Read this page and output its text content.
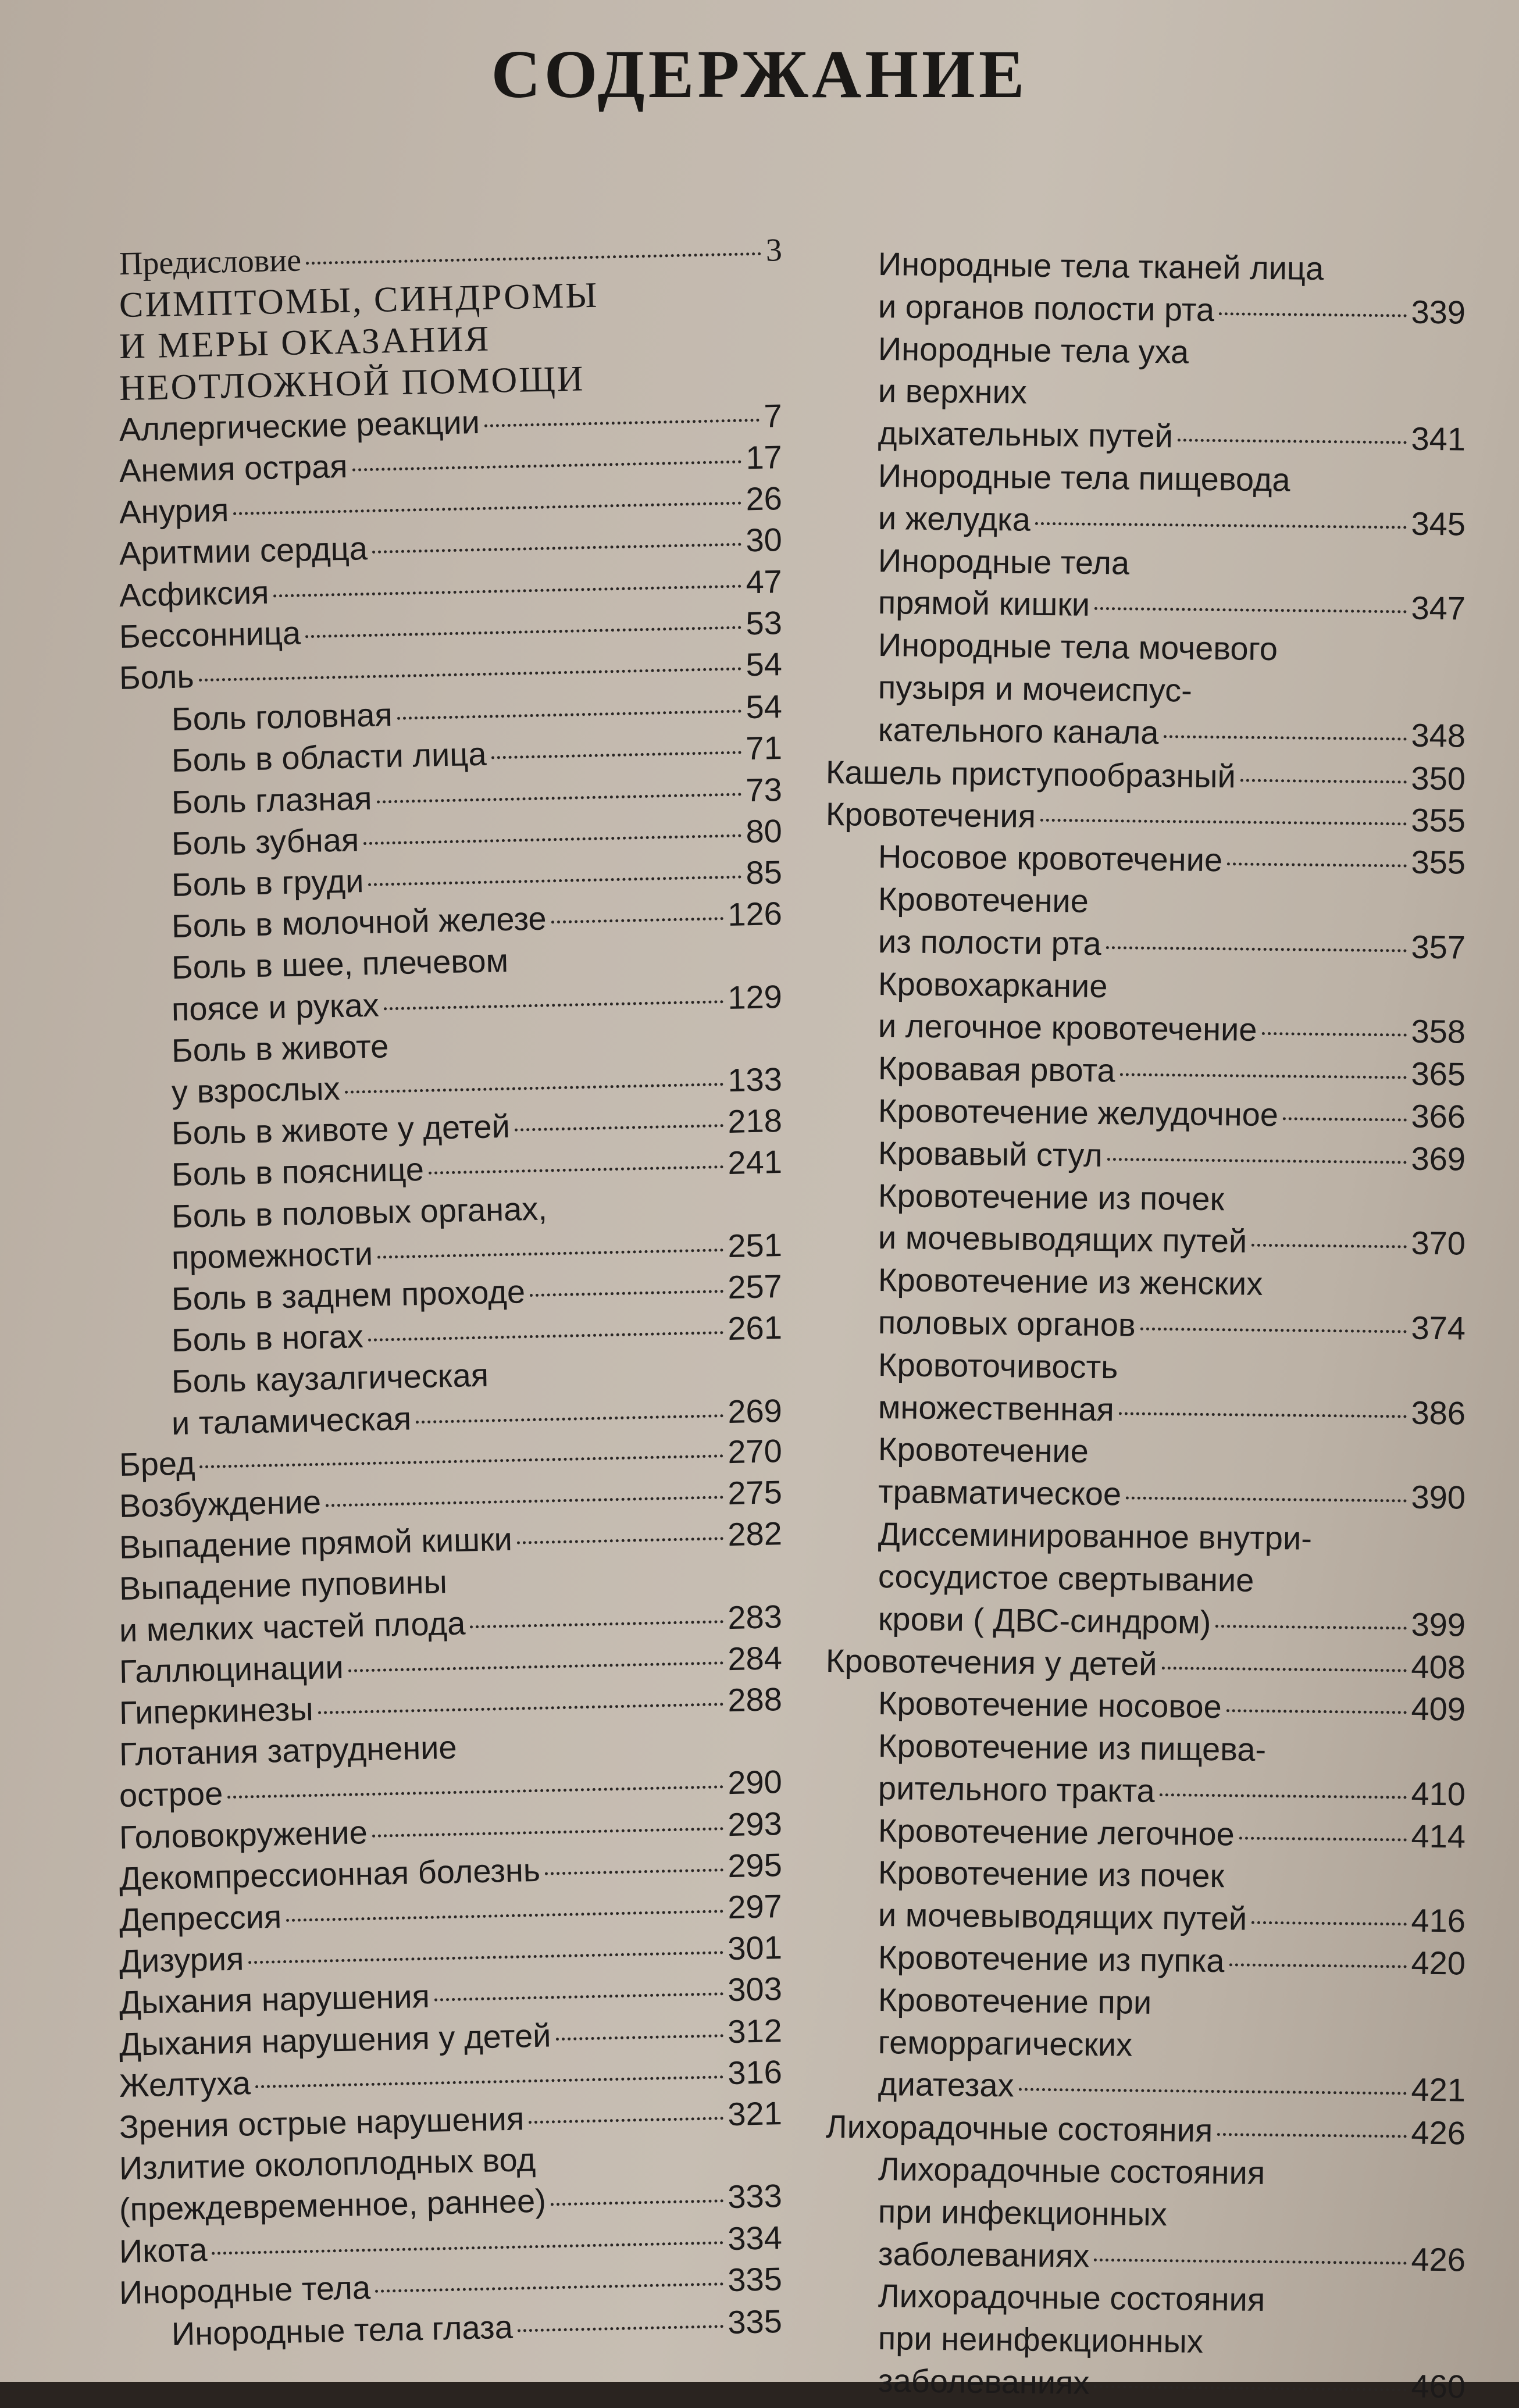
СОДЕРЖАНИЕ
Предисловие	3
СИМПТОМЫ, СИНДРОМЫ
И МЕРЫ ОКАЗАНИЯ
НЕОТЛОЖНОЙ ПОМОЩИ
Аллергические реакции	7
Анемия острая	17
Анурия	26
Аритмии сердца	30
Асфиксия	47
Бессонница	53
Боль	54
Боль головная	54
Боль в области лица	71
Боль глазная	73
Боль зубная	80
Боль в груди	85
Боль в молочной железе	126
Боль в шее, плечевом
поясе и руках	129
Боль в животе
у взрослых	133
Боль в животе у детей	218
Боль в пояснице	241
Боль в половых органах,
промежности	251
Боль в заднем проходе	257
Боль в ногах	261
Боль каузалгическая
и таламическая	269
Бред	270
Возбуждение	275
Выпадение прямой кишки	282
Выпадение пуповины
и мелких частей плода	283
Галлюцинации	284
Гиперкинезы	288
Глотания затруднение
острое	290
Головокружение	293
Декомпрессионная болезнь	295
Депрессия	297
Дизурия	301
Дыхания нарушения	303
Дыхания нарушения у детей	312
Желтуха	316
Зрения острые нарушения	321
Излитие околоплодных вод
(преждевременное, раннее)	333
Икота	334
Инородные тела	335
Инородные тела глаза	335
Инородные тела тканей лица
и органов полости рта	339
Инородные тела уха
и верхних
дыхательных путей	341
Инородные тела пищевода
и желудка	345
Инородные тела
прямой кишки	347
Инородные тела мочевого
пузыря и мочеиспус-
кательного канала	348
Кашель приступообразный	350
Кровотечения	355
Носовое кровотечение	355
Кровотечение
из полости рта	357
Кровохаркание
и легочное кровотечение	358
Кровавая рвота	365
Кровотечение желудочное	366
Кровавый стул	369
Кровотечение из почек
и мочевыводящих путей	370
Кровотечение из женских
половых органов	374
Кровоточивость
множественная	386
Кровотечение
травматическое	390
Диссеминированное внутри-
сосудистое свертывание
крови ( ДВС-синдром)	399
Кровотечения у детей	408
Кровотечение носовое	409
Кровотечение из пищева-
рительного тракта	410
Кровотечение легочное	414
Кровотечение из почек
и мочевыводящих путей	416
Кровотечение из пупка	420
Кровотечение при
геморрагических
диатезах	421
Лихорадочные состояния	426
Лихорадочные состояния
при инфекционных
заболеваниях	426
Лихорадочные состояния
при неинфекционных
заболеваниях	460
